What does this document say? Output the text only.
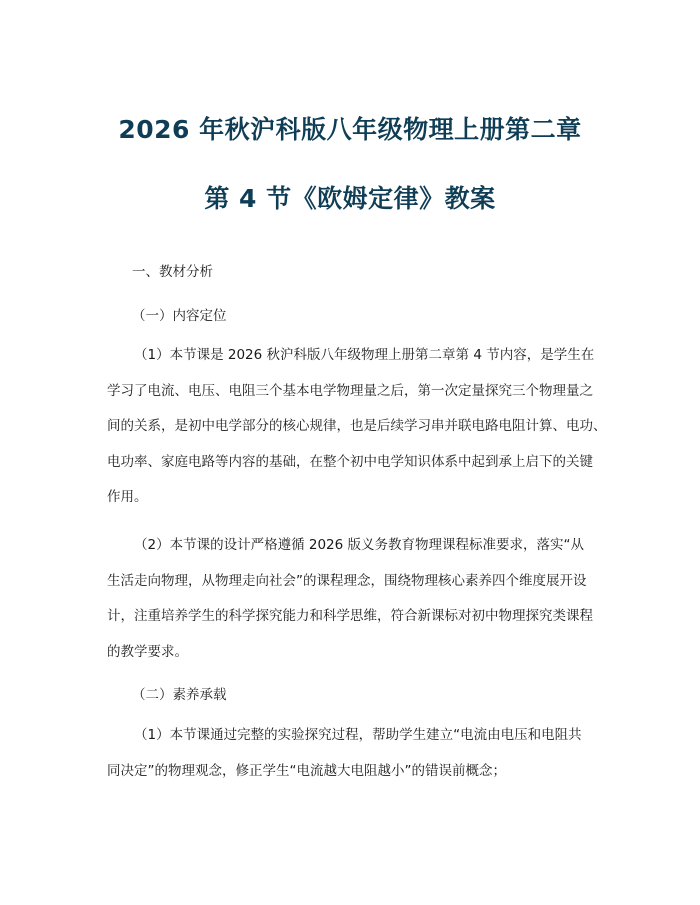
2026 年秋沪科版八年级物理上册第二章
第 4 节《欧姆定律》教案
一、教材分析
（一）内容定位
（1）本节课是 2026 秋沪科版八年级物理上册第二章第 4 节内容，是学生在
学习了电流、电压、电阻三个基本电学物理量之后，第一次定量探究三个物理量之
间的关系，是初中电学部分的核心规律，也是后续学习串并联电路电阻计算、电功、
电功率、家庭电路等内容的基础，在整个初中电学知识体系中起到承上启下的关键
作用。
（2）本节课的设计严格遵循 2026 版义务教育物理课程标准要求，落实“从
生活走向物理，从物理走向社会”的课程理念，围绕物理核心素养四个维度展开设
计，注重培养学生的科学探究能力和科学思维，符合新课标对初中物理探究类课程
的教学要求。
（二）素养承载
（1）本节课通过完整的实验探究过程，帮助学生建立“电流由电压和电阻共
同决定”的物理观念，修正学生“电流越大电阻越小”的错误前概念；
